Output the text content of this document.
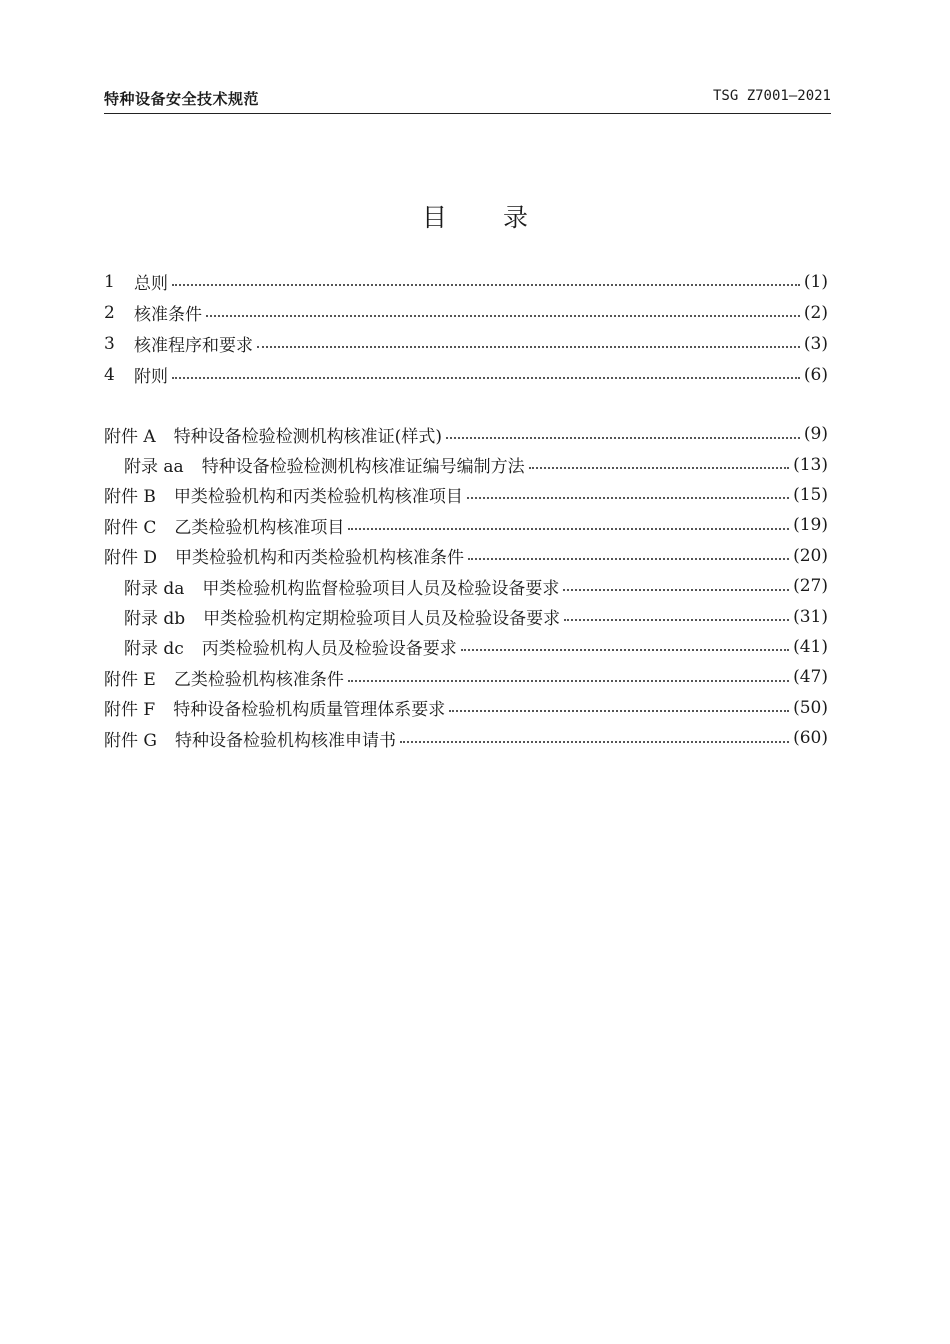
特种设备安全技术规范	TSG Z7001—2021
目录
1	总则	(1)
2	核准条件	(2)
3	核准程序和要求	(3)
4	附则	(6)
附件 A 特种设备检验检测机构核准证(样式)	(9)
附录 aa 特种设备检验检测机构核准证编号编制方法	(13)
附件 B 甲类检验机构和丙类检验机构核准项目	(15)
附件 C 乙类检验机构核准项目	(19)
附件 D 甲类检验机构和丙类检验机构核准条件	(20)
附录 da 甲类检验机构监督检验项目人员及检验设备要求	(27)
附录 db 甲类检验机构定期检验项目人员及检验设备要求	(31)
附录 dc 丙类检验机构人员及检验设备要求	(41)
附件 E 乙类检验机构核准条件	(47)
附件 F 特种设备检验机构质量管理体系要求	(50)
附件 G 特种设备检验机构核准申请书	(60)
